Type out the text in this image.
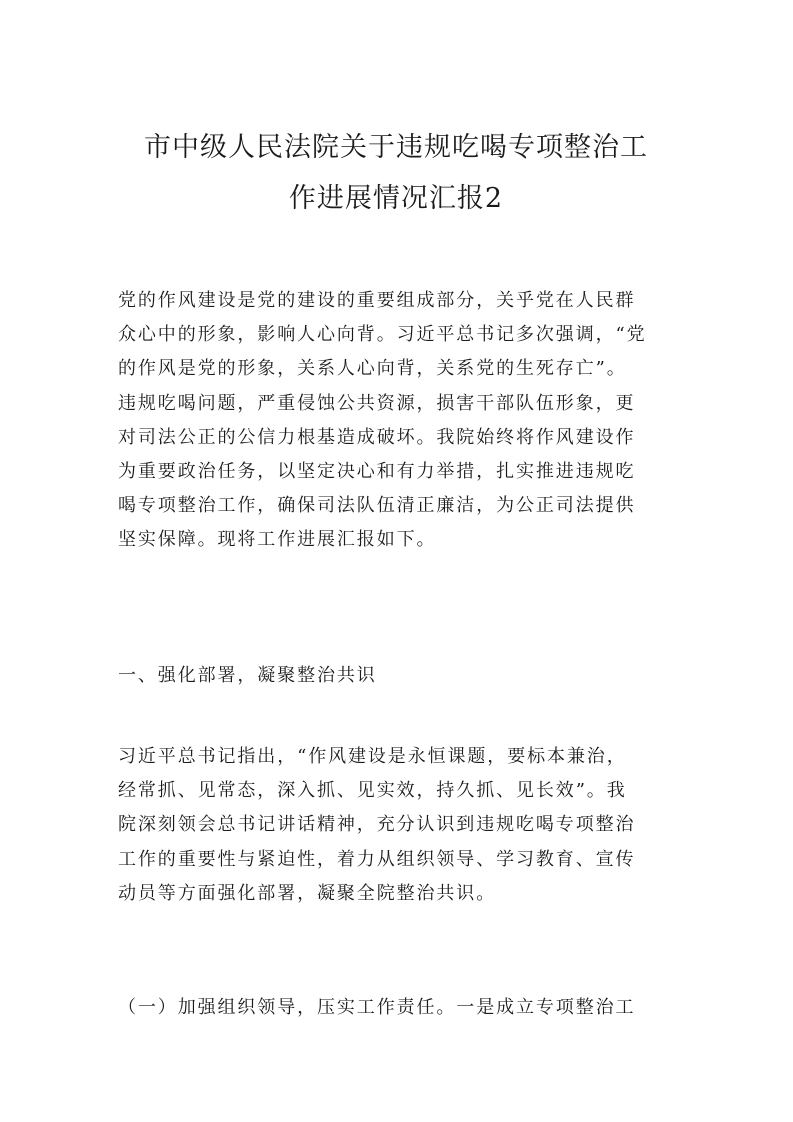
市中级人民法院关于违规吃喝专项整治工
作进展情况汇报2
党的作风建设是党的建设的重要组成部分，关乎党在人民群
众心中的形象，影响人心向背。习近平总书记多次强调，“党
的作风是党的形象，关系人心向背，关系党的生死存亡”。
违规吃喝问题，严重侵蚀公共资源，损害干部队伍形象，更
对司法公正的公信力根基造成破坏。我院始终将作风建设作
为重要政治任务，以坚定决心和有力举措，扎实推进违规吃
喝专项整治工作，确保司法队伍清正廉洁，为公正司法提供
坚实保障。现将工作进展汇报如下。
一、强化部署，凝聚整治共识
习近平总书记指出，“作风建设是永恒课题，要标本兼治，
经常抓、见常态，深入抓、见实效，持久抓、见长效”。我
院深刻领会总书记讲话精神，充分认识到违规吃喝专项整治
工作的重要性与紧迫性，着力从组织领导、学习教育、宣传
动员等方面强化部署，凝聚全院整治共识。
（一）加强组织领导，压实工作责任。一是成立专项整治工
